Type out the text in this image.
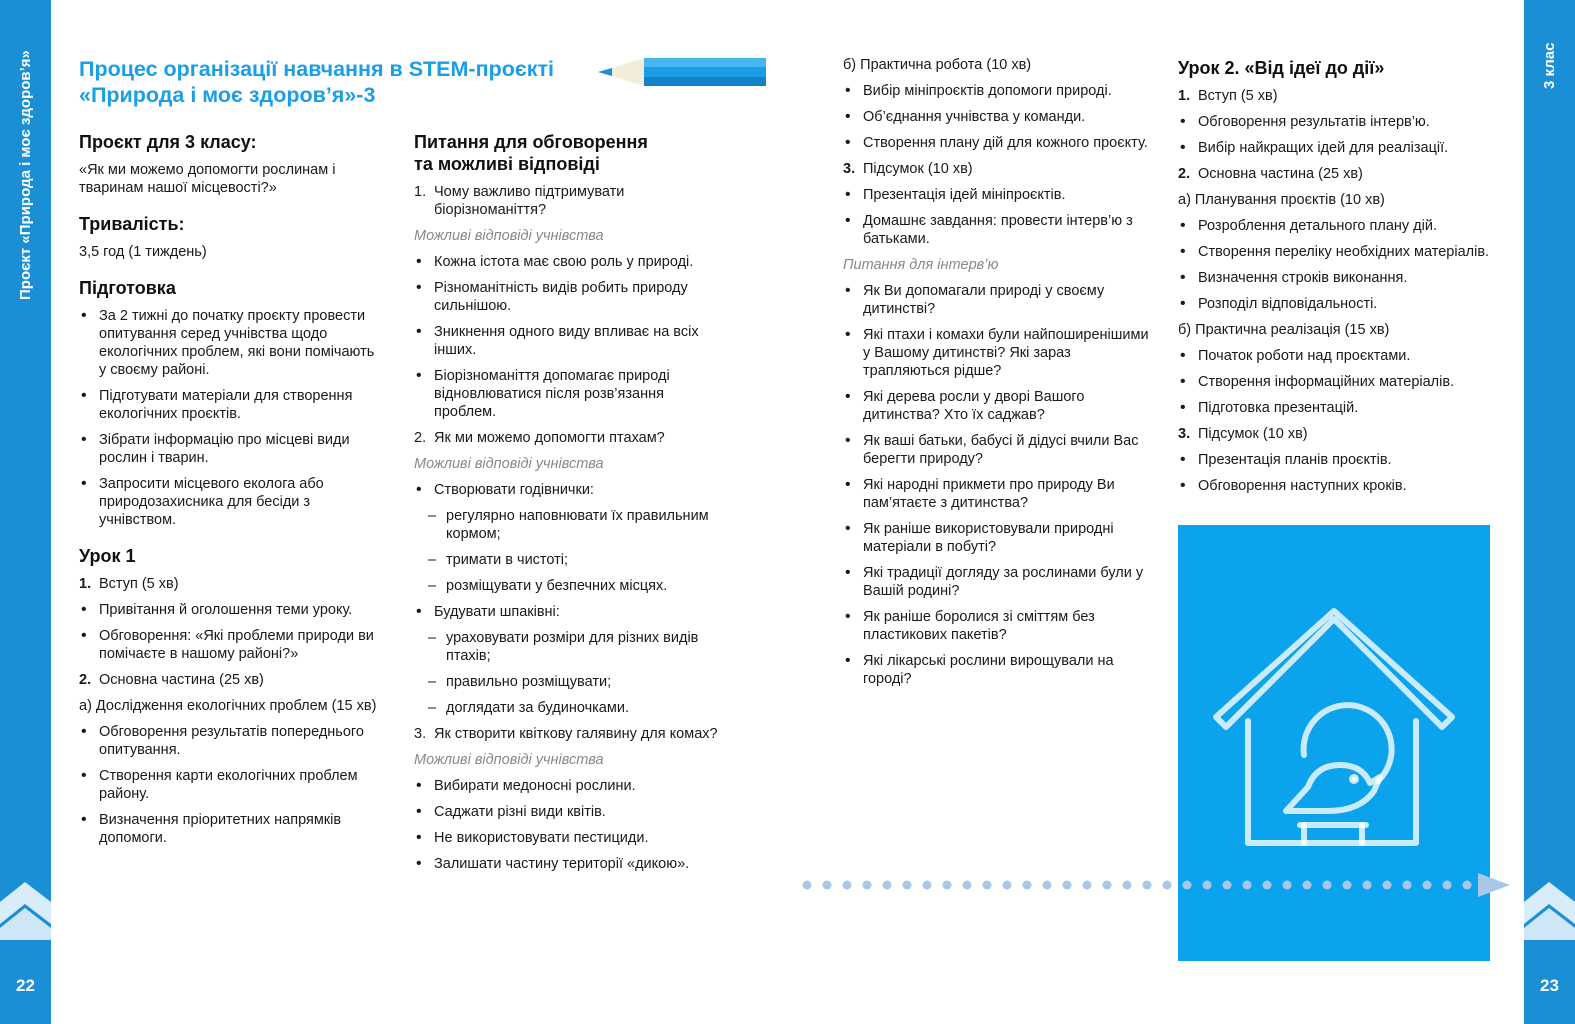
Проєкт «Природа і моє здоров’я»
22
3 клас
23
Процес організації навчання в STEM-проєкті
«Природа і моє здоров’я»-3
Проєкт для 3 класу:

«Як ми можемо допомогти рослинам і тваринам нашої місцевості?»

Тривалість:

3,5 год (1 тиждень)

Підготовка

• За 2 тижні до початку проєкту провести опитування серед учнівства щодо екологічних проблем, які вони помічають у своєму районі.

• Підготувати матеріали для створення екологічних проєктів.

• Зібрати інформацію про місцеві види рослин і тварин.

• Запросити місцевого еколога або природозахисника для бесіди з учнівством.

Урок 1

1. Вступ (5 хв)

• Привітання й оголошення теми уроку.

• Обговорення: «Які проблеми природи ви помічаєте в нашому районі?»

2. Основна частина (25 хв)

а) Дослідження екологічних проблем (15 хв)

• Обговорення результатів попереднього опитування.

• Створення карти екологічних проблем району.

• Визначення пріоритетних напрямків допомоги.

Питання для обговорення
та можливі відповіді

1. Чому важливо підтримувати біорізноманіття?

Можливі відповіді учнівства

• Кожна істота має свою роль у природі.

• Різноманітність видів робить природу сильнішою.

• Зникнення одного виду впливає на всіх інших.

• Біорізноманіття допомагає природі відновлюватися після розв’язання проблем.

2. Як ми можемо допомогти птахам?

Можливі відповіді учнівства

• Створювати годівнички:

– регулярно наповнювати їх правильним кормом;

– тримати в чистоті;

– розміщувати у безпечних місцях.

• Будувати шпаківні:

– ураховувати розміри для різних видів птахів;

– правильно розміщувати;

– доглядати за будиночками.

3. Як створити квіткову галявину для комах?

Можливі відповіді учнівства

• Вибирати медоносні рослини.

• Саджати різні види квітів.

• Не використовувати пестициди.

• Залишати частину території «дикою».

б) Практична робота (10 хв)

• Вибір мініпроєктів допомоги природі.

• Об’єднання учнівства у команди.

• Створення плану дій для кожного проєкту.

3. Підсумок (10 хв)

• Презентація ідей мініпроєктів.

• Домашнє завдання: провести інтерв’ю з батьками.

Питання для інтерв’ю

• Як Ви допомагали природі у своєму дитинстві?

• Які птахи і комахи були найпоширенішими у Вашому дитинстві? Які зараз трапляються рідше?

• Які дерева росли у дворі Вашого дитинства? Хто їх саджав?

• Як ваші батьки, бабусі й дідусі вчили Вас берегти природу?

• Які народні прикмети про природу Ви пам’ятаєте з дитинства?

• Як раніше використовували природні матеріали в побуті?

• Які традиції догляду за рослинами були у Вашій родині?

• Як раніше боролися зі сміттям без пластикових пакетів?

• Які лікарські рослини вирощували на городі?

Урок 2. «Від ідеї до дії»

1. Вступ (5 хв)

• Обговорення результатів інтерв’ю.

• Вибір найкращих ідей для реалізації.

2. Основна частина (25 хв)

а) Планування проєктів (10 хв)

• Розроблення детального плану дій.

• Створення переліку необхідних матеріалів.

• Визначення строків виконання.

• Розподіл відповідальності.

б) Практична реалізація (15 хв)

• Початок роботи над проєктами.

• Створення інформаційних матеріалів.

• Підготовка презентацій.

3. Підсумок (10 хв)

• Презентація планів проєктів.

• Обговорення наступних кроків.
